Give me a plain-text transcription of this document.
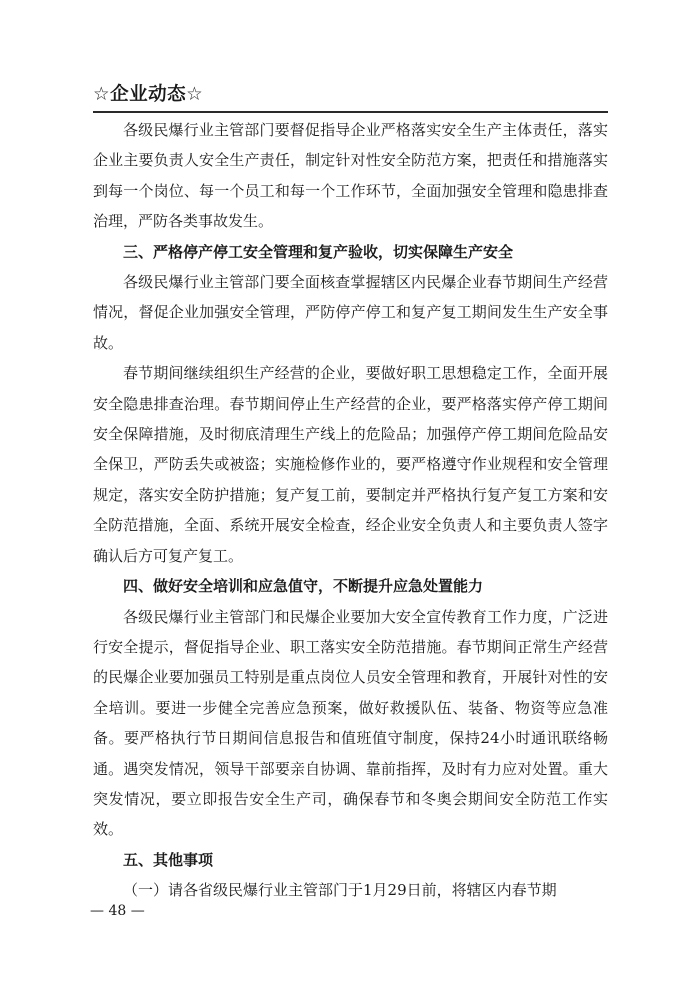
☆企业动态☆

各级民爆行业主管部门要督促指导企业严格落实安全生产主体责任，落实企业主要负责人安全生产责任，制定针对性安全防范方案，把责任和措施落实到每一个岗位、每一个员工和每一个工作环节，全面加强安全管理和隐患排查治理，严防各类事故发生。

三、严格停产停工安全管理和复产验收，切实保障生产安全

各级民爆行业主管部门要全面核查掌握辖区内民爆企业春节期间生产经营情况，督促企业加强安全管理，严防停产停工和复产复工期间发生生产安全事故。

春节期间继续组织生产经营的企业，要做好职工思想稳定工作，全面开展安全隐患排查治理。春节期间停止生产经营的企业，要严格落实停产停工期间安全保障措施，及时彻底清理生产线上的危险品；加强停产停工期间危险品安全保卫，严防丢失或被盗；实施检修作业的，要严格遵守作业规程和安全管理规定，落实安全防护措施；复产复工前，要制定并严格执行复产复工方案和安全防范措施，全面、系统开展安全检查，经企业安全负责人和主要负责人签字确认后方可复产复工。

四、做好安全培训和应急值守，不断提升应急处置能力

各级民爆行业主管部门和民爆企业要加大安全宣传教育工作力度，广泛进行安全提示，督促指导企业、职工落实安全防范措施。春节期间正常生产经营的民爆企业要加强员工特别是重点岗位人员安全管理和教育，开展针对性的安全培训。要进一步健全完善应急预案，做好救援队伍、装备、物资等应急准备。要严格执行节日期间信息报告和值班值守制度，保持24小时通讯联络畅通。遇突发情况，领导干部要亲自协调、靠前指挥，及时有力应对处置。重大突发情况，要立即报告安全生产司，确保春节和冬奥会期间安全防范工作实效。

五、其他事项

（一）请各省级民爆行业主管部门于1月29日前，将辖区内春节期

— 48 —
